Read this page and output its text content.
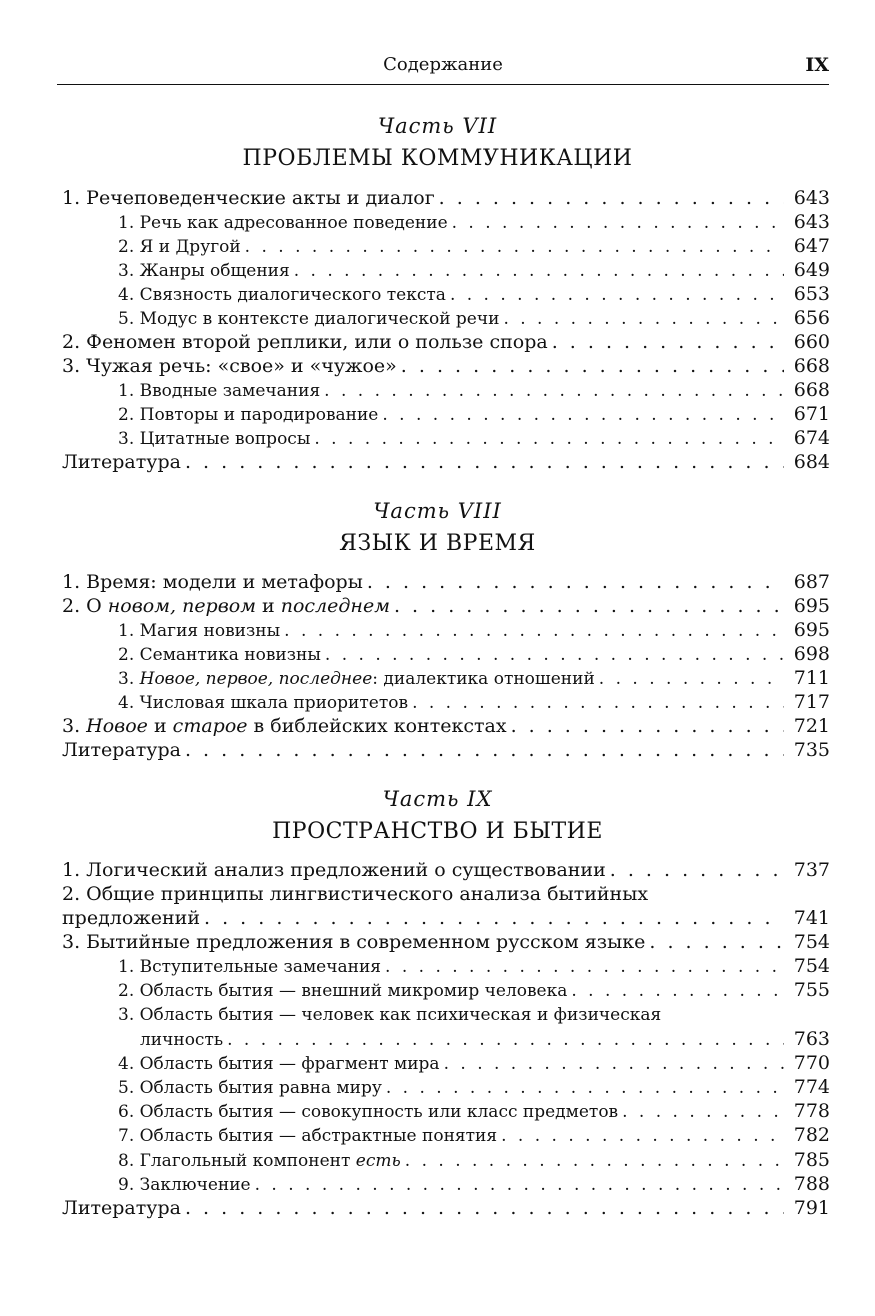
Содержание	IX
Часть VII
ПРОБЛЕМЫ КОММУНИКАЦИИ
1. Речеповеденческие акты и диалог . . .	643
1. Речь как адресованное поведение . . .	643
2. Я и Другой . . .	647
3. Жанры общения . . .	649
4. Связность диалогического текста . . .	653
5. Модус в контексте диалогической речи . . .	656
2. Феномен второй реплики, или о пользе спора . . .	660
3. Чужая речь: «свое» и «чужое» . . .	668
1. Вводные замечания . . .	668
2. Повторы и пародирование . . .	671
3. Цитатные вопросы . . .	674
Литература . . .	684
Часть VIII
ЯЗЫК И ВРЕМЯ
1. Время: модели и метафоры . . .	687
2. О новом, первом и последнем . . .	695
1. Магия новизны . . .	695
2. Семантика новизны . . .	698
3. Новое, первое, последнее: диалектика отношений . . .	711
4. Числовая шкала приоритетов . . .	717
3. Новое и старое в библейских контекстах . . .	721
Литература . . .	735
Часть IX
ПРОСТРАНСТВО И БЫТИЕ
1. Логический анализ предложений о существовании . . .	737
2. Общие принципы лингвистического анализа бытийных
предложений . . .	741
3. Бытийные предложения в современном русском языке . . .	754
1. Вступительные замечания . . .	754
2. Область бытия — внешний микромир человека . . .	755
3. Область бытия — человек как психическая и физическая
личность . . .	763
4. Область бытия — фрагмент мира . . .	770
5. Область бытия равна миру . . .	774
6. Область бытия — совокупность или класс предметов . . .	778
7. Область бытия — абстрактные понятия . . .	782
8. Глагольный компонент есть . . .	785
9. Заключение . . .	788
Литература . . .	791
